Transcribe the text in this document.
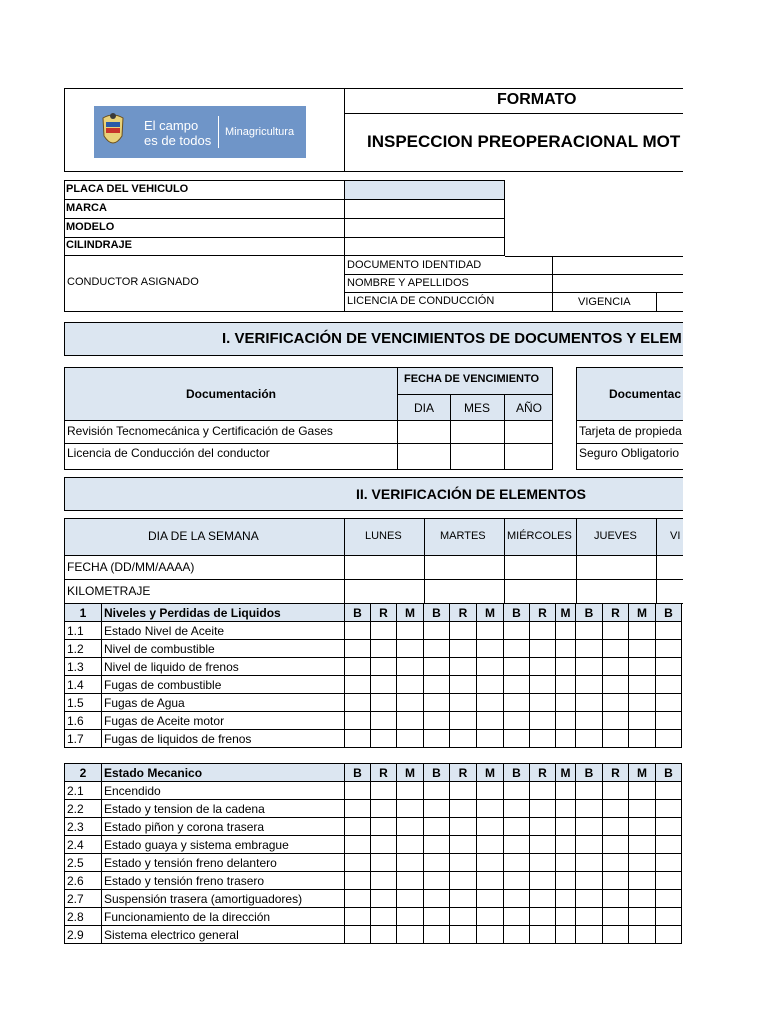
El campo
es de todos
Minagricultura
FORMATO
INSPECCION PREOPERACIONAL MOT
PLACA DEL VEHICULO
MARCA
MODELO
CILINDRAJE
CONDUCTOR ASIGNADO
DOCUMENTO IDENTIDAD
NOMBRE Y APELLIDOS
LICENCIA DE CONDUCCIÓN	VIGENCIA
I. VERIFICACIÓN DE VENCIMIENTOS DE DOCUMENTOS Y ELEM
Documentación
FECHA DE VENCIMIENTO
DIA MES AÑO
Revisión Tecnomecánica y Certificación de Gases
Licencia de Conducción del conductor
Documentac
Tarjeta de propieda
Seguro Obligatorio
II. VERIFICACIÓN DE ELEMENTOS
DIA DE LA SEMANA	LUNES	MARTES MIÉRCOLES JUEVES	VI
FECHA (DD/MM/AAAA)
KILOMETRAJE
1	Niveles y Perdidas de Liquidos	B	R	M	B	R	M	B	R	M	B	R	M	B
1.1	Estado Nivel de Aceite													
1.2	Nivel de combustible													
1.3	Nivel de liquido de frenos													
1.4	Fugas de combustible													
1.5	Fugas de Agua													
1.6	Fugas de Aceite motor													
1.7	Fugas de liquidos de frenos													
2	Estado Mecanico	B	R	M	B	R	M	B	R	M	B	R	M	B
2.1	Encendido													
2.2	Estado y tension de la cadena													
2.3	Estado piñon y corona trasera													
2.4	Estado guaya y sistema embrague													
2.5	Estado y tensión freno delantero													
2.6	Estado y tensión freno trasero													
2.7	Suspensión trasera (amortiguadores)													
2.8	Funcionamiento de la dirección													
2.9	Sistema electrico general													
